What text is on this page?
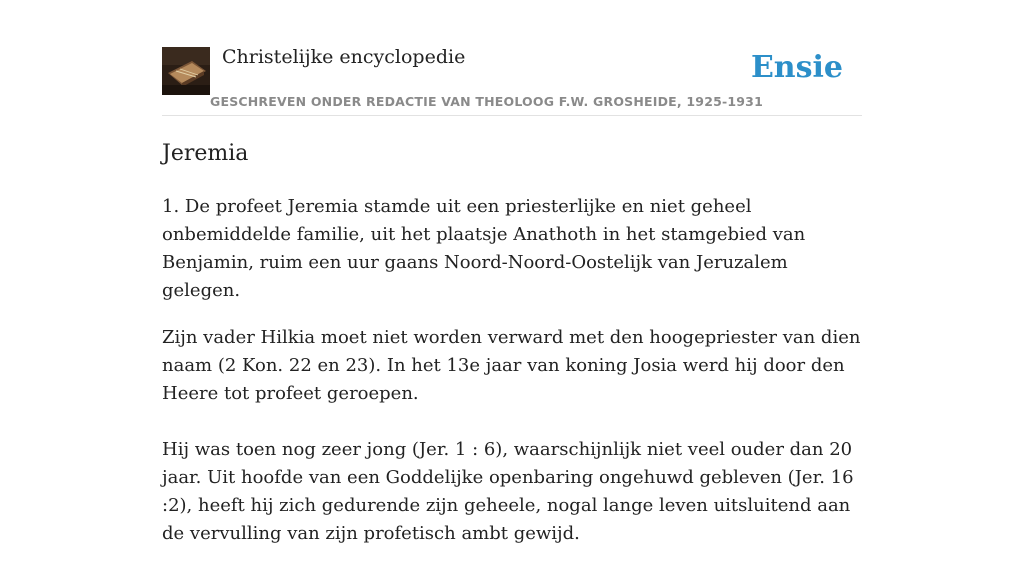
Christelijke encyclopedie
GESCHREVEN ONDER REDACTIE VAN THEOLOOG F.W. GROSHEIDE, 1925-1931
Ensie
Jeremia

1. De profeet Jeremia stamde uit een priesterlijke en niet geheel onbemiddelde familie, uit het plaatsje Anathoth in het stamgebied van Benjamin, ruim een uur gaans Noord-Noord-Oostelijk van Jeruzalem gelegen.

Zijn vader Hilkia moet niet worden verward met den hoogepriester van dien naam (2 Kon. 22 en 23). In het 13e jaar van koning Josia werd hij door den Heere tot profeet geroepen.

Hij was toen nog zeer jong (Jer. 1 : 6), waarschijnlijk niet veel ouder dan 20 jaar. Uit hoofde van een Goddelijke openbaring ongehuwd gebleven (Jer. 16 :2), heeft hij zich gedurende zijn geheele, nogal lange leven uitsluitend aan de vervulling van zijn profetisch ambt gewijd.
